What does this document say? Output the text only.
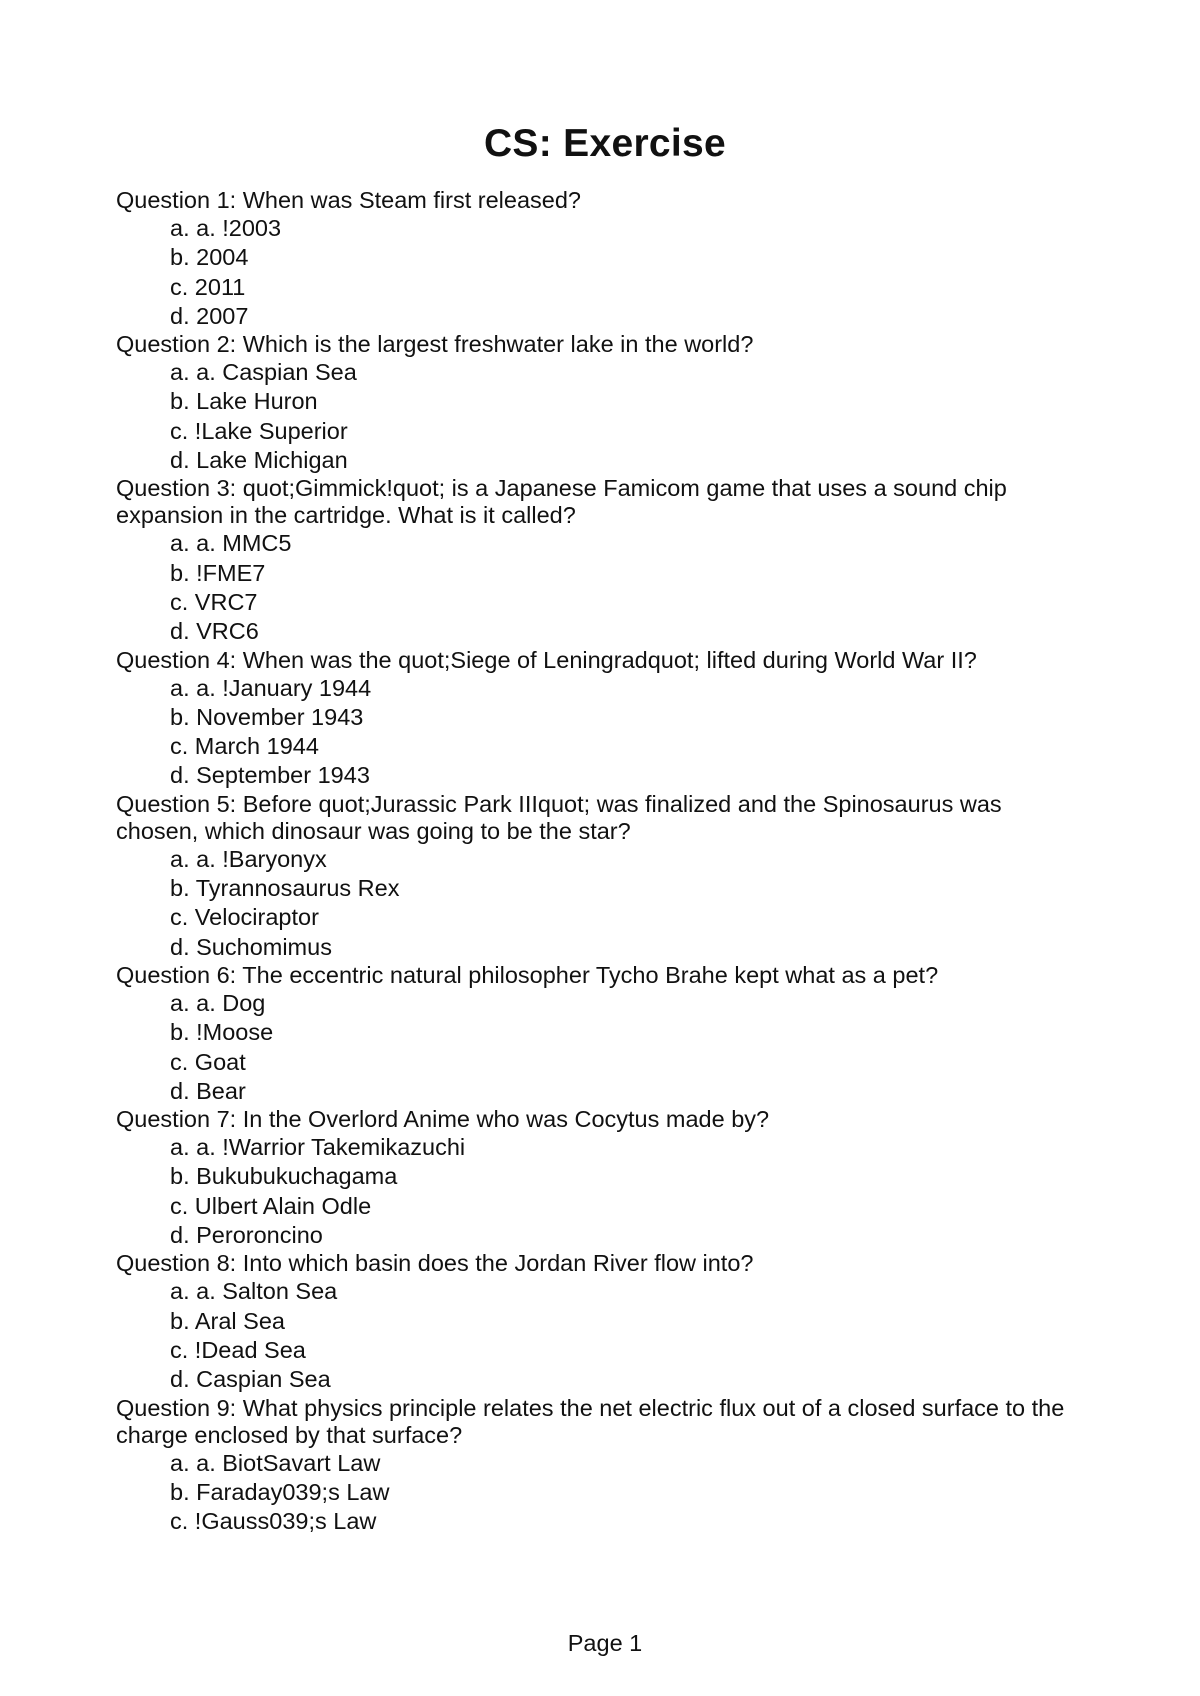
CS: Exercise
Question 1: When was Steam first released?
a. a. !2003
b. 2004
c. 2011
d. 2007
Question 2: Which is the largest freshwater lake in the world?
a. a. Caspian Sea
b. Lake Huron
c. !Lake Superior
d. Lake Michigan
Question 3: quot;Gimmick!quot; is a Japanese Famicom game that uses a sound chip expansion in the cartridge. What is it called?
a. a. MMC5
b. !FME7
c. VRC7
d. VRC6
Question 4: When was the quot;Siege of Leningradquot; lifted during World War II?
a. a. !January 1944
b. November 1943
c. March 1944
d. September 1943
Question 5: Before quot;Jurassic Park IIIquot; was finalized and the Spinosaurus was chosen, which dinosaur was going to be the star?
a. a. !Baryonyx
b. Tyrannosaurus Rex
c. Velociraptor
d. Suchomimus
Question 6: The eccentric natural philosopher Tycho Brahe kept what as a pet?
a. a. Dog
b. !Moose
c. Goat
d. Bear
Question 7: In the Overlord Anime who was Cocytus made by?
a. a. !Warrior Takemikazuchi
b. Bukubukuchagama
c. Ulbert Alain Odle
d. Peroroncino
Question 8: Into which basin does the Jordan River flow into?
a. a. Salton Sea
b. Aral Sea
c. !Dead Sea
d. Caspian Sea
Question 9: What physics principle relates the net electric flux out of a closed surface to the charge enclosed by that surface?
a. a. BiotSavart Law
b. Faraday039;s Law
c. !Gauss039;s Law
Page 1
